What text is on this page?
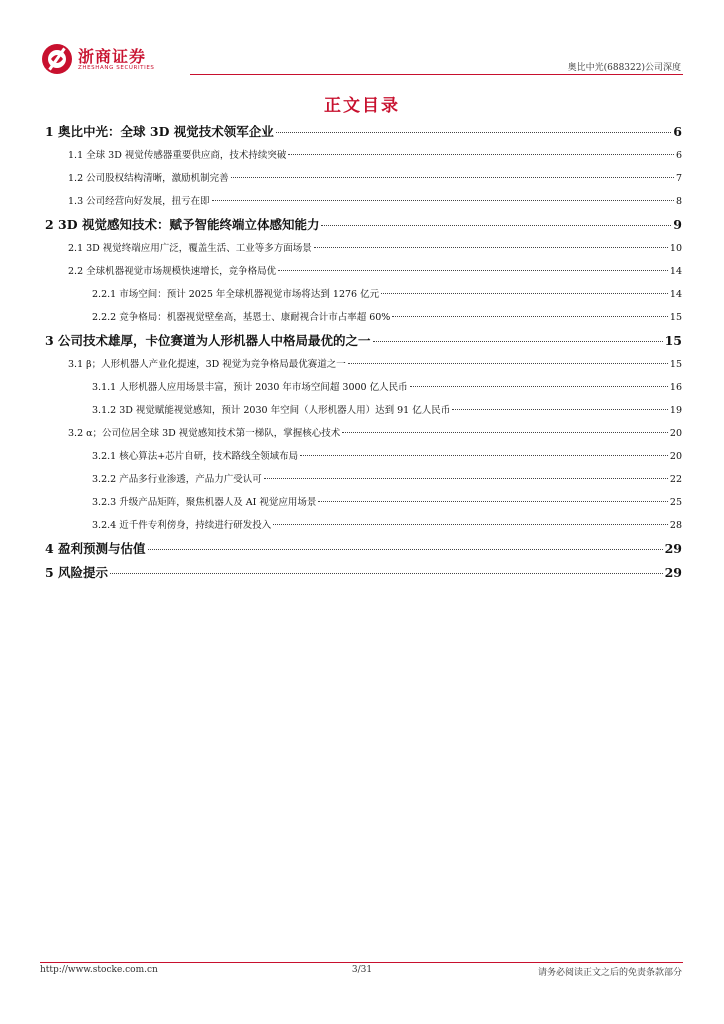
浙商证券
ZHESHANG SECURITIES	奥比中光(688322)公司深度
正文目录
1 奥比中光：全球 3D 视觉技术领军企业	6
1.1 全球 3D 视觉传感器重要供应商，技术持续突破	6
1.2 公司股权结构清晰，激励机制完善	7
1.3 公司经营向好发展，扭亏在即	8
2 3D 视觉感知技术：赋予智能终端立体感知能力	9
2.1 3D 视觉终端应用广泛，覆盖生活、工业等多方面场景	10
2.2 全球机器视觉市场规模快速增长，竞争格局优	14
2.2.1 市场空间：预计 2025 年全球机器视觉市场将达到 1276 亿元	14
2.2.2 竞争格局：机器视觉壁垒高，基恩士、康耐视合计市占率超 60%	15
3 公司技术雄厚，卡位赛道为人形机器人中格局最优的之一	15
3.1 β；人形机器人产业化提速，3D 视觉为竞争格局最优赛道之一	15
3.1.1 人形机器人应用场景丰富，预计 2030 年市场空间超 3000 亿人民币	16
3.1.2 3D 视觉赋能视觉感知，预计 2030 年空间（人形机器人用）达到 91 亿人民币	19
3.2 α；公司位居全球 3D 视觉感知技术第一梯队，掌握核心技术	20
3.2.1 核心算法+芯片自研，技术路线全领域布局	20
3.2.2 产品多行业渗透，产品力广受认可	22
3.2.3 升级产品矩阵，聚焦机器人及 AI 视觉应用场景	25
3.2.4 近千件专利傍身，持续进行研发投入	28
4 盈利预测与估值	29
5 风险提示	29
http://www.stocke.com.cn	3/31	请务必阅读正文之后的免责条款部分
